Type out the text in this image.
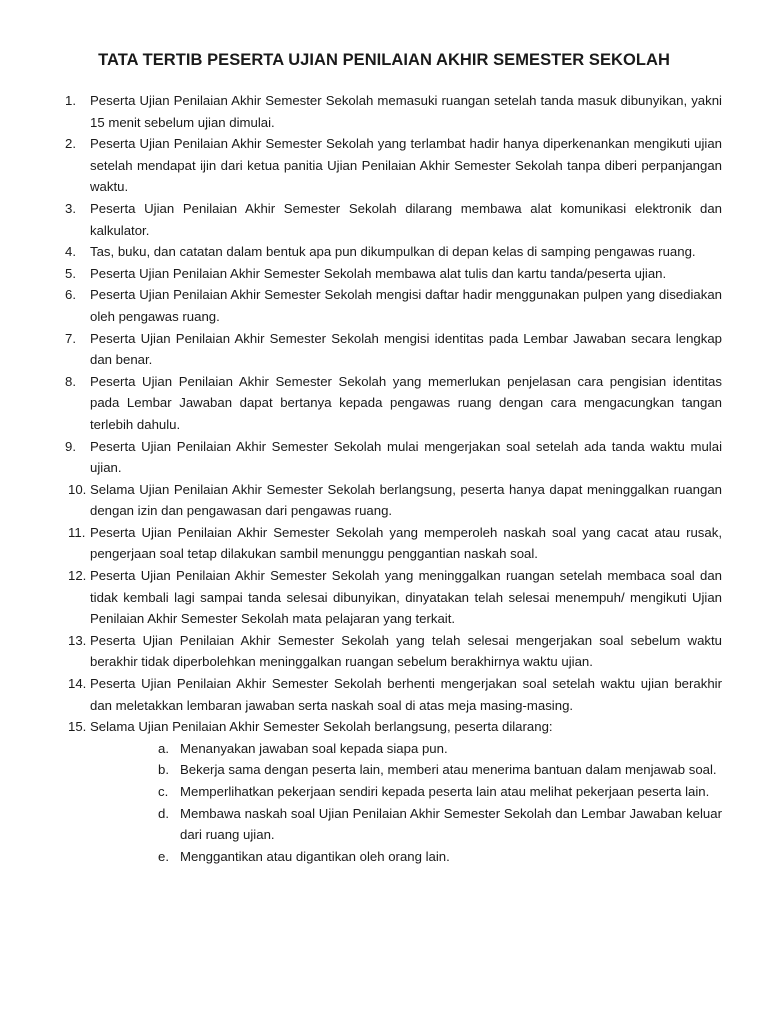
TATA TERTIB PESERTA UJIAN PENILAIAN AKHIR SEMESTER SEKOLAH
1.	Peserta Ujian Penilaian Akhir Semester Sekolah memasuki ruangan setelah tanda masuk dibunyikan, yakni 15 menit sebelum ujian dimulai.
2.	Peserta Ujian Penilaian Akhir Semester Sekolah yang terlambat hadir hanya diperkenankan mengikuti ujian setelah mendapat ijin dari ketua panitia Ujian Penilaian Akhir Semester Sekolah tanpa diberi perpanjangan waktu.
3.	Peserta Ujian Penilaian Akhir Semester Sekolah dilarang membawa alat komunikasi elektronik dan kalkulator.
4.	Tas, buku, dan catatan dalam bentuk apa pun dikumpulkan di depan kelas di samping pengawas ruang.
5.	Peserta Ujian Penilaian Akhir Semester Sekolah membawa alat tulis dan kartu tanda/peserta ujian.
6.	Peserta Ujian Penilaian Akhir Semester Sekolah mengisi daftar hadir menggunakan pulpen yang disediakan oleh pengawas ruang.
7.	Peserta Ujian Penilaian Akhir Semester Sekolah mengisi identitas pada Lembar Jawaban secara lengkap dan benar.
8.	Peserta Ujian Penilaian Akhir Semester Sekolah yang memerlukan penjelasan cara pengisian identitas pada Lembar Jawaban dapat bertanya kepada pengawas ruang dengan cara mengacungkan tangan terlebih dahulu.
9.	Peserta Ujian Penilaian Akhir Semester Sekolah mulai mengerjakan soal setelah ada tanda waktu mulai ujian.
10. Selama Ujian Penilaian Akhir Semester Sekolah berlangsung, peserta hanya dapat meninggalkan ruangan dengan izin dan pengawasan dari pengawas ruang.
11. Peserta Ujian Penilaian Akhir Semester Sekolah yang memperoleh naskah soal yang cacat atau rusak, pengerjaan soal tetap dilakukan sambil menunggu penggantian naskah soal.
12. Peserta Ujian Penilaian Akhir Semester Sekolah yang meninggalkan ruangan setelah membaca soal dan tidak kembali lagi sampai tanda selesai dibunyikan, dinyatakan telah selesai menempuh/ mengikuti Ujian Penilaian Akhir Semester Sekolah mata pelajaran yang terkait.
13. Peserta Ujian Penilaian Akhir Semester Sekolah yang telah selesai mengerjakan soal sebelum waktu berakhir tidak diperbolehkan meninggalkan ruangan sebelum berakhirnya waktu ujian.
14. Peserta Ujian Penilaian Akhir Semester Sekolah berhenti mengerjakan soal setelah waktu ujian berakhir dan meletakkan lembaran jawaban serta naskah soal di atas meja masing-masing.
15. Selama Ujian Penilaian Akhir Semester Sekolah berlangsung, peserta dilarang:
a. Menanyakan jawaban soal kepada siapa pun.
b. Bekerja sama dengan peserta lain, memberi atau menerima bantuan dalam menjawab soal.
c. Memperlihatkan pekerjaan sendiri kepada peserta lain atau melihat pekerjaan peserta lain.
d. Membawa naskah soal Ujian Penilaian Akhir Semester Sekolah dan Lembar Jawaban keluar dari ruang ujian.
e. Menggantikan atau digantikan oleh orang lain.
